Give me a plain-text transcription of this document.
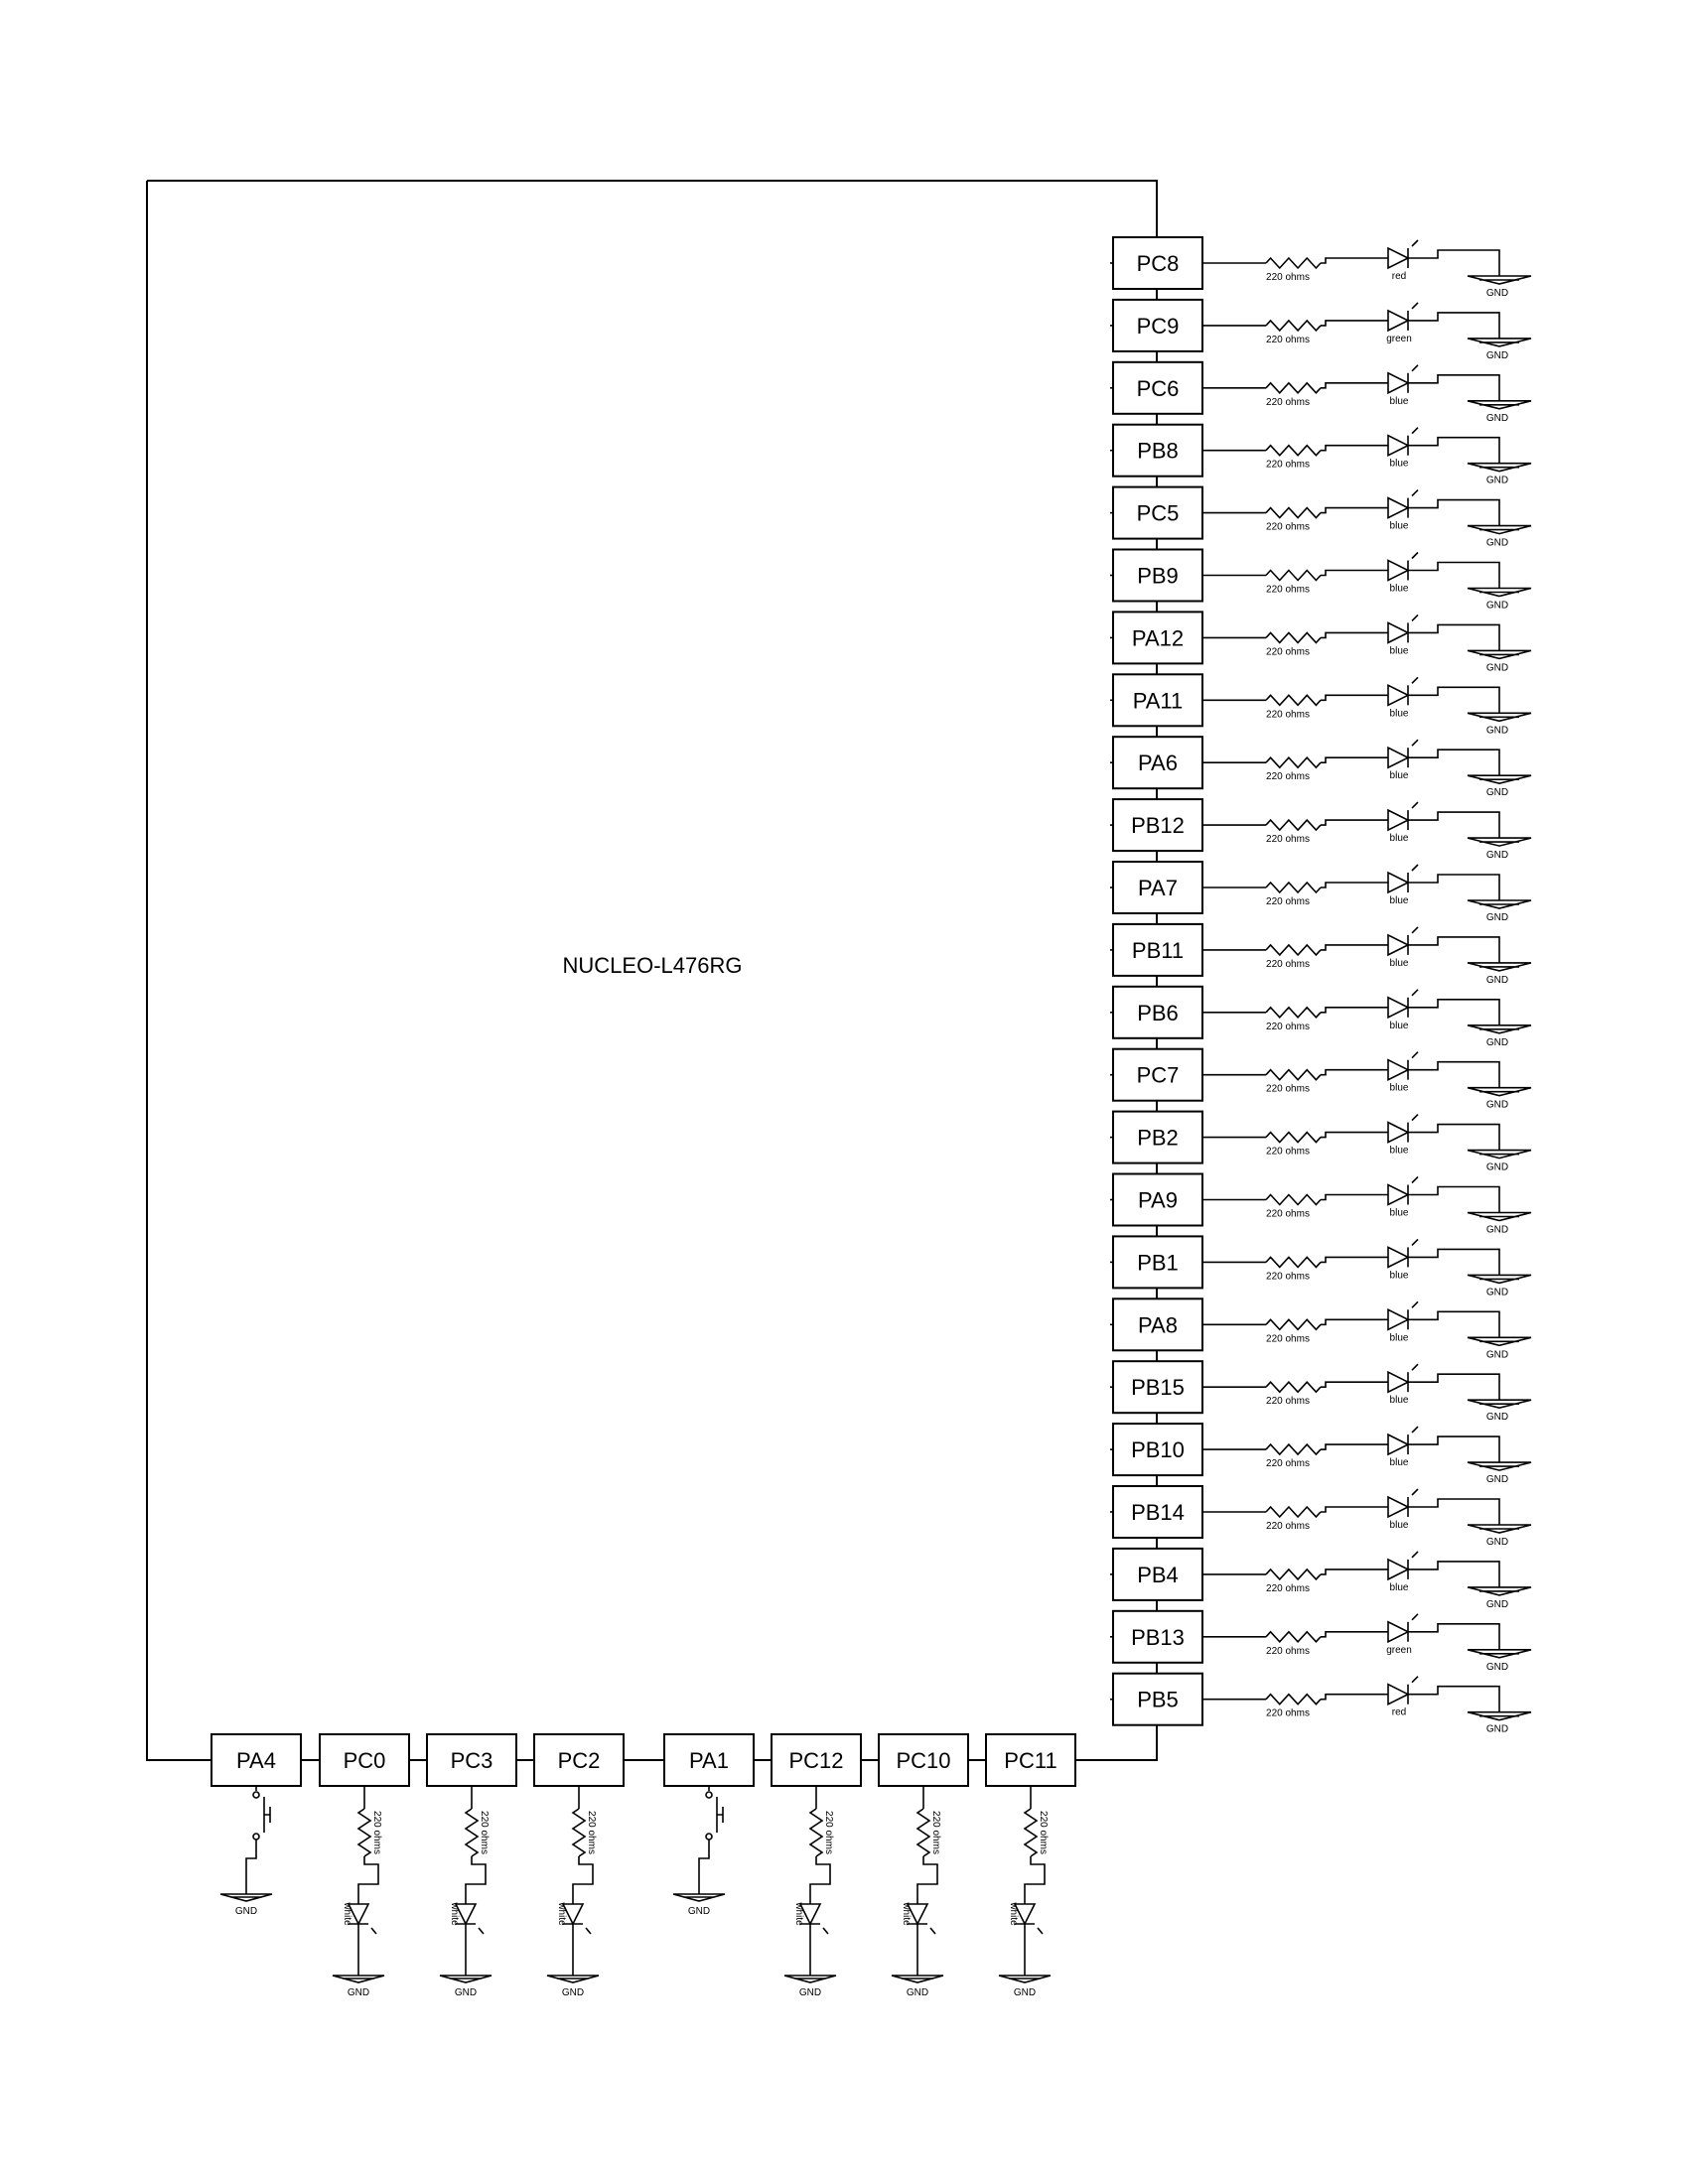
NUCLEO-L476RG
PC8
220 ohms	red
GND
PC9
220 ohms	green
GND
PC6
220 ohms	blue
GND
PB8
220 ohms	blue
GND
PC5
220 ohms	blue
GND
PB9
220 ohms	blue
GND
PA12
220 ohms	blue
GND
PA11
220 ohms	blue
GND
PA6
220 ohms	blue
GND
PB12
220 ohms	blue
GND
PA7
220 ohms	blue
GND
PB11
220 ohms	blue
GND
PB6
220 ohms	blue
GND
PC7
220 ohms	blue
GND
PB2
220 ohms	blue
GND
PA9
220 ohms	blue
GND
PB1
220 ohms	blue
GND
PA8
220 ohms	blue
GND
PB15
220 ohms	blue
GND
PB10
220 ohms	blue
GND
PB14
220 ohms	blue
GND
PB4
220 ohms	blue
GND
PB13
220 ohms	green
GND
PB5
220 ohms	red
GND
PA4
GND
PC0
220 ohms
white
GND
PC3
220 ohms
white
GND
PC2
220 ohms
white
GND
PA1
GND
PC12
220 ohms
white
GND
PC10
220 ohms
white
GND
PC11
220 ohms
white
GND
